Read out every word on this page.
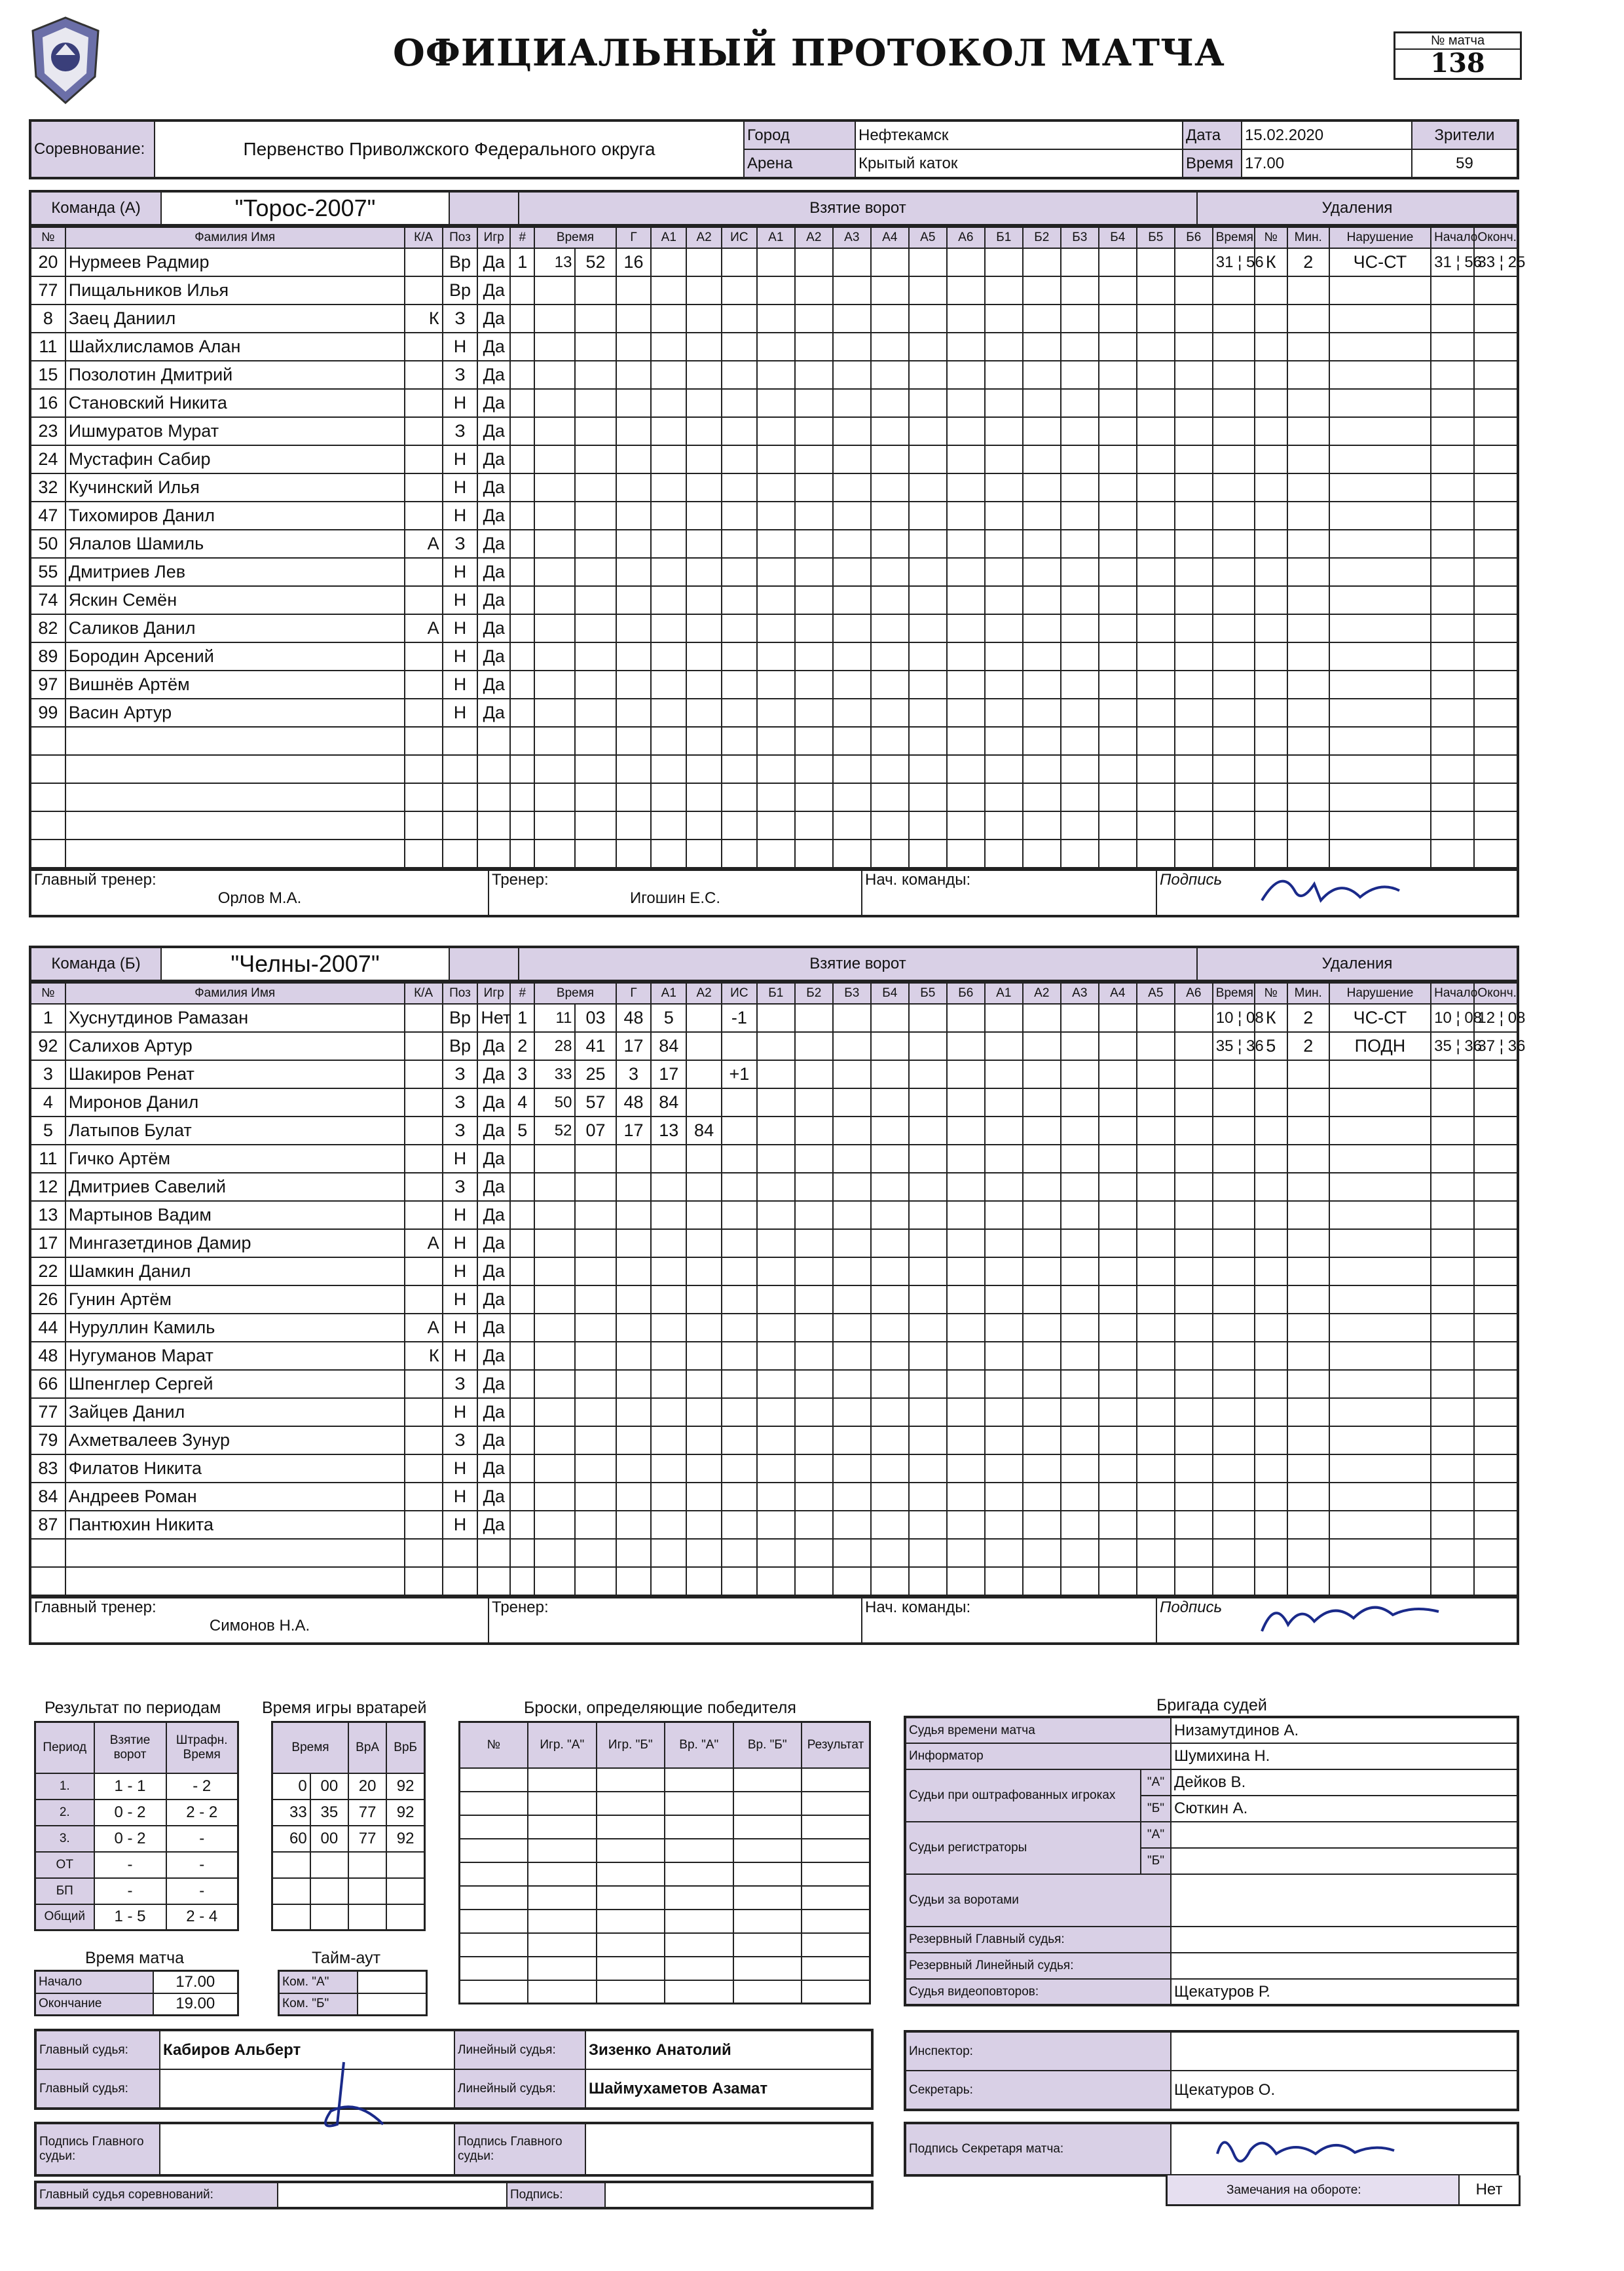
ОФИЦИАЛЬНЫЙ ПРОТОКОЛ МАТЧА	№ матча
138
Соревнование:	Первенство Приволжского Федерального округа	Город	Нефтекамск	Дата	15.02.2020	Зрители
		Арена	Крытый каток	Время	17.00	59
Команда (А)	"Торос-2007"		Взятие ворот	Удаления
№	Фамилия Имя	К/А	Поз	Игр	#	Время		Г	А1	А2	ИС	А1	А2	А3	А4	А5	А6	Б1	Б2	Б3	Б4	Б5	Б6	Время	№	Мин.	Нарушение	Начало	Оконч.
20	Нурмеев Радмир		Вр	Да	1	13	52	16																31 ¦ 56	К	2	ЧС-СТ	31 ¦ 56	33 ¦ 25
77	Пищальников Илья		Вр	Да																									
8	Заец Даниил	К	З	Да																									
11	Шайхлисламов Алан		Н	Да																									
15	Позолотин Дмитрий		З	Да																									
16	Становский Никита		Н	Да																									
23	Ишмуратов Мурат		З	Да																									
24	Мустафин Сабир		Н	Да																									
32	Кучинский Илья		Н	Да																									
47	Тихомиров Данил		Н	Да																									
50	Ялалов Шамиль	А	З	Да																									
55	Дмитриев Лев		Н	Да																									
74	Яскин Семён		Н	Да																									
82	Саликов Данил	А	Н	Да																									
89	Бородин Арсений		Н	Да																									
97	Вишнёв Артём		Н	Да																									
99	Васин Артур		Н	Да																									

Главный тренер:
Орлов М.А.

Тренер:
Игошин Е.С.

Нач. команды:	Подпись
Команда (Б)	"Челны-2007"		Взятие ворот	Удаления
№	Фамилия Имя	К/А	Поз	Игр	#	Время		Г	А1	А2	ИС	Б1	Б2	Б3	Б4	Б5	Б6	А1	А2	А3	А4	А5	А6	Время	№	Мин.	Нарушение	Начало	Оконч.
1	Хуснутдинов Рамазан		Вр	Нет	1	11	03	48	5		-1													10 ¦ 08	К	2	ЧС-СТ	10 ¦ 08	12 ¦ 08
92	Салихов Артур		Вр	Да	2	28	41	17	84															35 ¦ 36	5	2	ПОДН	35 ¦ 36	37 ¦ 36
3	Шакиров Ренат		З	Да	3	33	25	3	17		+1																		
4	Миронов Данил		З	Да	4	50	57	48	84																				
5	Латыпов Булат		З	Да	5	52	07	17	13	84																			
11	Гичко Артём		Н	Да																									
12	Дмитриев Савелий		З	Да																									
13	Мартынов Вадим		Н	Да																									
17	Мингазетдинов Дамир	А	Н	Да																									
22	Шамкин Данил		Н	Да																									
26	Гунин Артём		Н	Да																									
44	Нуруллин Камиль	А	Н	Да																									
48	Нугуманов Марат	К	Н	Да																									
66	Шпенглер Сергей		З	Да																									
77	Зайцев Данил		Н	Да																									
79	Ахметвалеев Зунур		З	Да																									
83	Филатов Никита		Н	Да																									
84	Андреев Роман		Н	Да																									
87	Пантюхин Никита		Н	Да																									

Главный тренер:
Симонов Н.А.

Тренер:	Нач. команды:	Подпись
Результат по периодам
Период	Взятие ворот	Штрафн. Время
1.	1 - 1	- 2
2.	0 - 2	2 - 2
3.	0 - 2	-
ОТ	-	-
БП	-	-
Общий	1 - 5	2 - 4
Время игры вратарей
Время		ВрА	ВрБ
0	00	20	92
33	35	77	92
60	00	77	92

Броски, определяющие победителя
№	Игр. "А"	Игр. "Б"	Вр. "А"	Вр. "Б"	Результат

Время матча
Начало	17.00
Окончание	19.00
Тайм-аут
Ком. "А"	
Ком. "Б"	
Бригада судей
Судья времени матча		Низамутдинов А.
Информатор		Шумихина Н.
Судьи при оштрафованных игроках	"А"	Дейков В.
	"Б"	Сюткин А.
Судьи регистраторы	"А"	
	"Б"	
Судьи за воротами		
Резервный Главный судья:		
Резервный Линейный судья:		
Судья видеоповторов:		Щекатуров Р.
Инспектор:	
Секретарь:	Щекатуров О.
Подпись Секретаря матча:	
Замечания на обороте:	Нет
Главный судья:	Кабиров Альберт	Линейный судья:	Зизенко Анатолий
Главный судья:		Линейный судья:	Шаймухаметов Азамат
Подпись Главного судьи:	
	Подпись Главного судьи:	
Главный судья соревнований:		Подпись:	
